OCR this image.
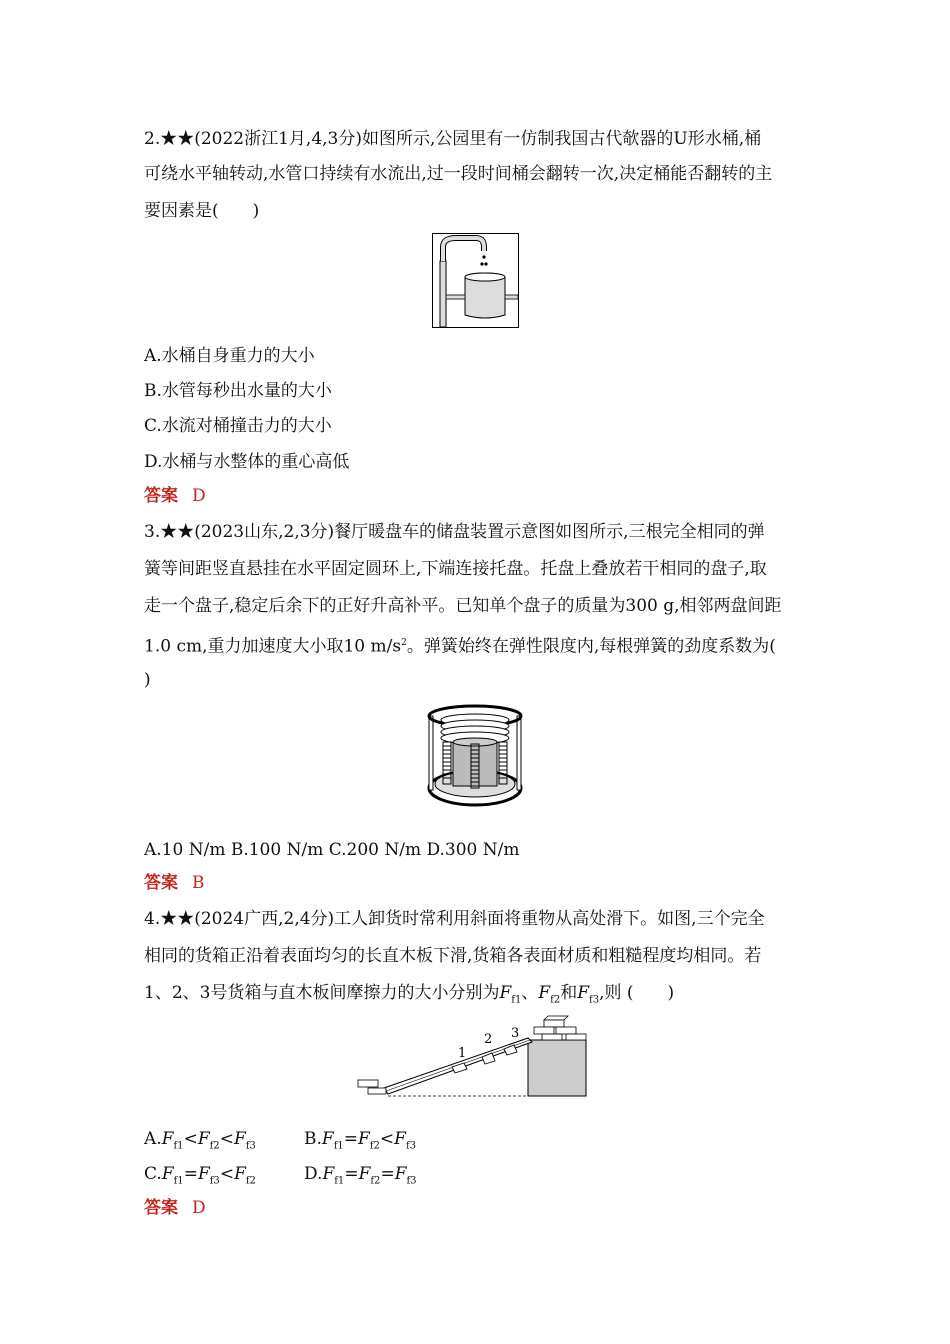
2.★★(2022浙江1月,4,3分)如图所示,公园里有一仿制我国古代欹器的U形水桶,桶
可绕水平轴转动,水管口持续有水流出,过一段时间桶会翻转一次,决定桶能否翻转的主
要因素是(　　)
A.水桶自身重力的大小
B.水管每秒出水量的大小
C.水流对桶撞击力的大小
D.水桶与水整体的重心高低
答案 D
3.★★(2023山东,2,3分)餐厅暖盘车的储盘装置示意图如图所示,三根完全相同的弹
簧等间距竖直悬挂在水平固定圆环上,下端连接托盘。托盘上叠放若干相同的盘子,取
走一个盘子,稳定后余下的正好升高补平。已知单个盘子的质量为300 g,相邻两盘间距
1.0 cm,重力加速度大小取10 $m/s^2$。弹簧始终在弹性限度内,每根弹簧的劲度系数为(
)
A.10 N/m B.100 N/m C.200 N/m D.300 N/m
答案 B
4.★★(2024广西,2,4分)工人卸货时常利用斜面将重物从高处滑下。如图,三个完全
相同的货箱正沿着表面均匀的长直木板下滑,货箱各表面材质和粗糙程度均相同。若
1、2、3号货箱与直木板间摩擦力的大小分别为$F_{f1}$、$F_{f2}$和$F_{f3}$,则 (　　)
1
2 3
$A.F_{f1}<F_{f2}<F_{f3}$	$B.F_{f1}=F_{f2}<F_{f3}$
$C.F_{f1}=F_{f3}<F_{f2}$	$D.F_{f1}=F_{f2}=F_{f3}$
答案 D
